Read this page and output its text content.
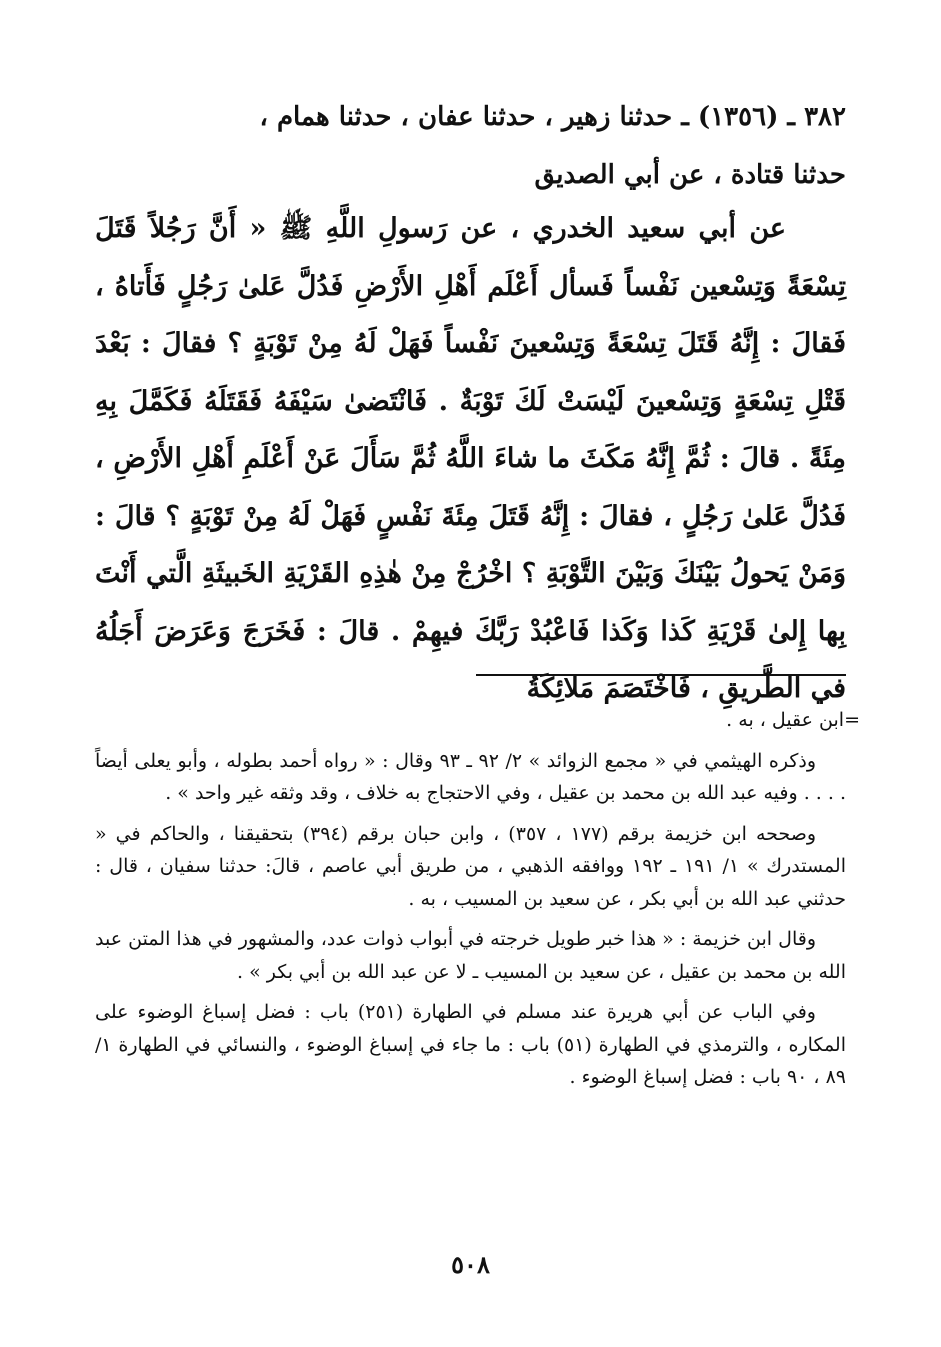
٣٨٢ ـ (١٣٥٦) ـ حدثنا زهير ، حدثنا عفان ، حدثنا همام ،
حدثنا قتادة ، عن أبي الصديق

عن أبي سعيد الخدري ، عن رَسولِ اللَّهِ ﷺ « أَنَّ رَجُلاً قَتَلَ تِسْعَةً وَتِسْعين نَفْساً فَسأل أَعْلَم أَهْلِ الأَرْضِ فَدُلَّ عَلىٰ رَجُلٍ فَأَتاهُ ، فَقالَ : إِنَّهُ قَتَلَ تِسْعَةً وَتِسْعينَ نَفْساً فَهَلْ لَهُ مِنْ تَوْبَةٍ ؟ فقالَ : بَعْدَ قَتْلِ تِسْعَةٍ وَتِسْعينَ لَيْسَتْ لَكَ تَوْبَةٌ . فَانْتَضىٰ سَيْفَهُ فَقَتَلَهُ فَكَمَّلَ بِهِ مِئَةً . قالَ : ثُمَّ إِنَّهُ مَكَثَ ما شاءَ اللَّهُ ثُمَّ سَأَلَ عَنْ أَعْلَمِ أَهْلِ الأَرْضِ ، فَدُلَّ عَلىٰ رَجُلٍ ، فقالَ : إِنَّهُ قَتَلَ مِئَةَ نَفْسٍ فَهَلْ لَهُ مِنْ تَوْبَةٍ ؟ قالَ : وَمَنْ يَحولُ بَيْنَكَ وَبَيْنَ التَّوْبَةِ ؟ اخْرُجْ مِنْ هٰذِهِ القَرْيَةِ الخَبيثَةِ الَّتي أَنْتَ بِها إِلىٰ قَرْيَةِ كَذا وَكَذا فَاعْبُدْ رَبَّكَ فيهِمْ . قالَ : فَخَرَجَ وَعَرَضَ أَجَلُهُ في الطَّريقِ ، فَاخْتَصَمَ مَلائِكَةُ

=ابن عقيل ، به .

وذكره الهيثمي في « مجمع الزوائد » ٢/ ٩٢ ـ ٩٣ وقال : « رواه أحمد بطوله ، وأبو يعلى أيضاً . . . . وفيه عبد الله بن محمد بن عقيل ، وفي الاحتجاج به خلاف ، وقد وثقه غير واحد » .

وصححه ابن خزيمة برقم (١٧٧ ، ٣٥٧) ، وابن حبان برقم (٣٩٤) بتحقيقنا ، والحاكم في « المستدرك » ١/ ١٩١ ـ ١٩٢ ووافقه الذهبي ، من طريق أبي عاصم ، قالَ: حدثنا سفيان ، قال : حدثني عبد الله بن أبي بكر ، عن سعيد بن المسيب ، به .

وقال ابن خزيمة : « هذا خبر طويل خرجته في أبواب ذوات عدد، والمشهور في هذا المتن عبد الله بن محمد بن عقيل ، عن سعيد بن المسيب ـ لا عن عبد الله بن أبي بكر » .

وفي الباب عن أبي هريرة عند مسلم في الطهارة (٢٥١) باب : فضل إسباغ الوضوء على المكاره ، والترمذي في الطهارة (٥١) باب : ما جاء في إسباغ الوضوء ، والنسائي في الطهارة ١/ ٨٩ ، ٩٠ باب : فضل إسباغ الوضوء .

٥٠٨
